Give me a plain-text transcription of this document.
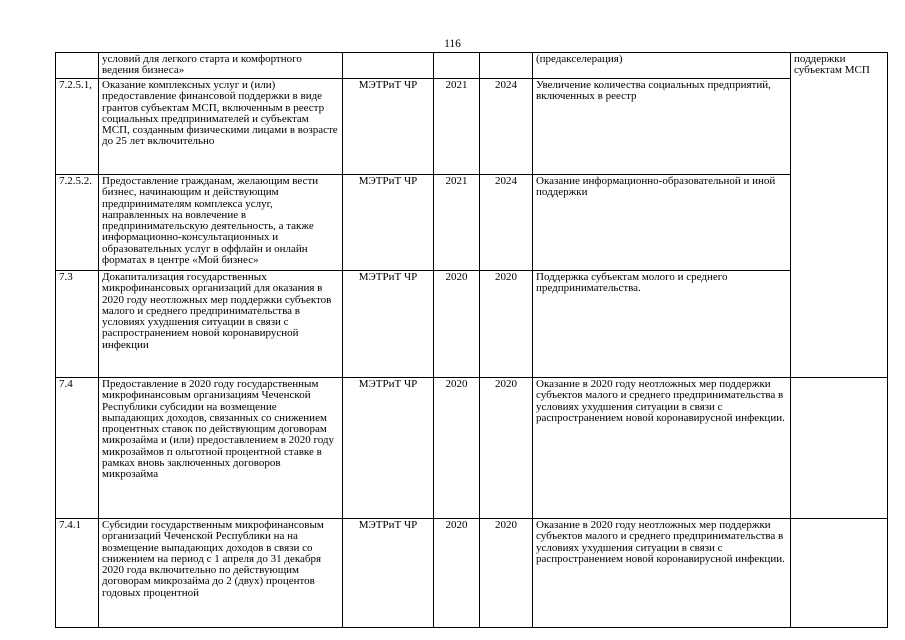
116
	условий для легкого старта и комфортного ведения бизнеса»				(предакселерация)	поддержки субъектам МСП
7.2.5.1,	Оказание комплексных услуг и (или) предоставление финансовой поддержки в виде грантов субъектам МСП, включенным в реестр социальных предпринимателей и субъектам МСП, созданным физическими лицами в возрасте до 25 лет включительно	МЭТРиТ ЧР	2021	2024	Увеличение количества социальных предприятий, включенных в реестр	
7.2.5.2.	Предоставление гражданам, желающим вести бизнес, начинающим и действующим предпринимателям комплекса услуг, направленных на вовлечение в предпринимательскую деятельность, а также информационно-консультационных и образовательных услуг в оффлайн и онлайн форматах в центре «Мой бизнес»	МЭТРиТ ЧР	2021	2024	Оказание информационно-образовательной и иной поддержки	
7.3	Докапитализация государственных микрофинансовых организаций для оказания в 2020 году неотложных мер поддержки субъектов малого и среднего предпринимательства в условиях ухудшения ситуации в связи с распространением новой коронавирусной инфекции	МЭТРиТ ЧР	2020	2020	Поддержка субъектам молого и среднего предпринимательства.	
7.4	Предоставление в 2020 году государственным микрофинансовым организациям Чеченской Республики субсидии на возмещение выпадающих доходов, связанных со снижением процентных ставок по действующим договорам микрозайма и (или) предоставлением в 2020 году микрозаймов п ольготной процентной ставке в рамках вновь заключенных договоров микрозайма	МЭТРиТ ЧР	2020	2020	Оказание в 2020 году неотложных мер поддержки субъектов малого и среднего предпринимательства в условиях ухудшения ситуации в связи с распространением новой коронавирусной инфекции.	
7.4.1	Субсидии государственным микрофинансовым организаций Чеченской Республики на на возмещение выпадающих доходов в связи со снижением на период с 1 апреля до 31 декабря 2020 года включительно по действующим договорам микрозайма до 2 (двух) процентов годовых процентной	МЭТРиТ ЧР	2020	2020	Оказание в 2020 году неотложных мер поддержки субъектов малого и среднего предпринимательства в условиях ухудшения ситуации в связи с распространением новой коронавирусной инфекции.	
